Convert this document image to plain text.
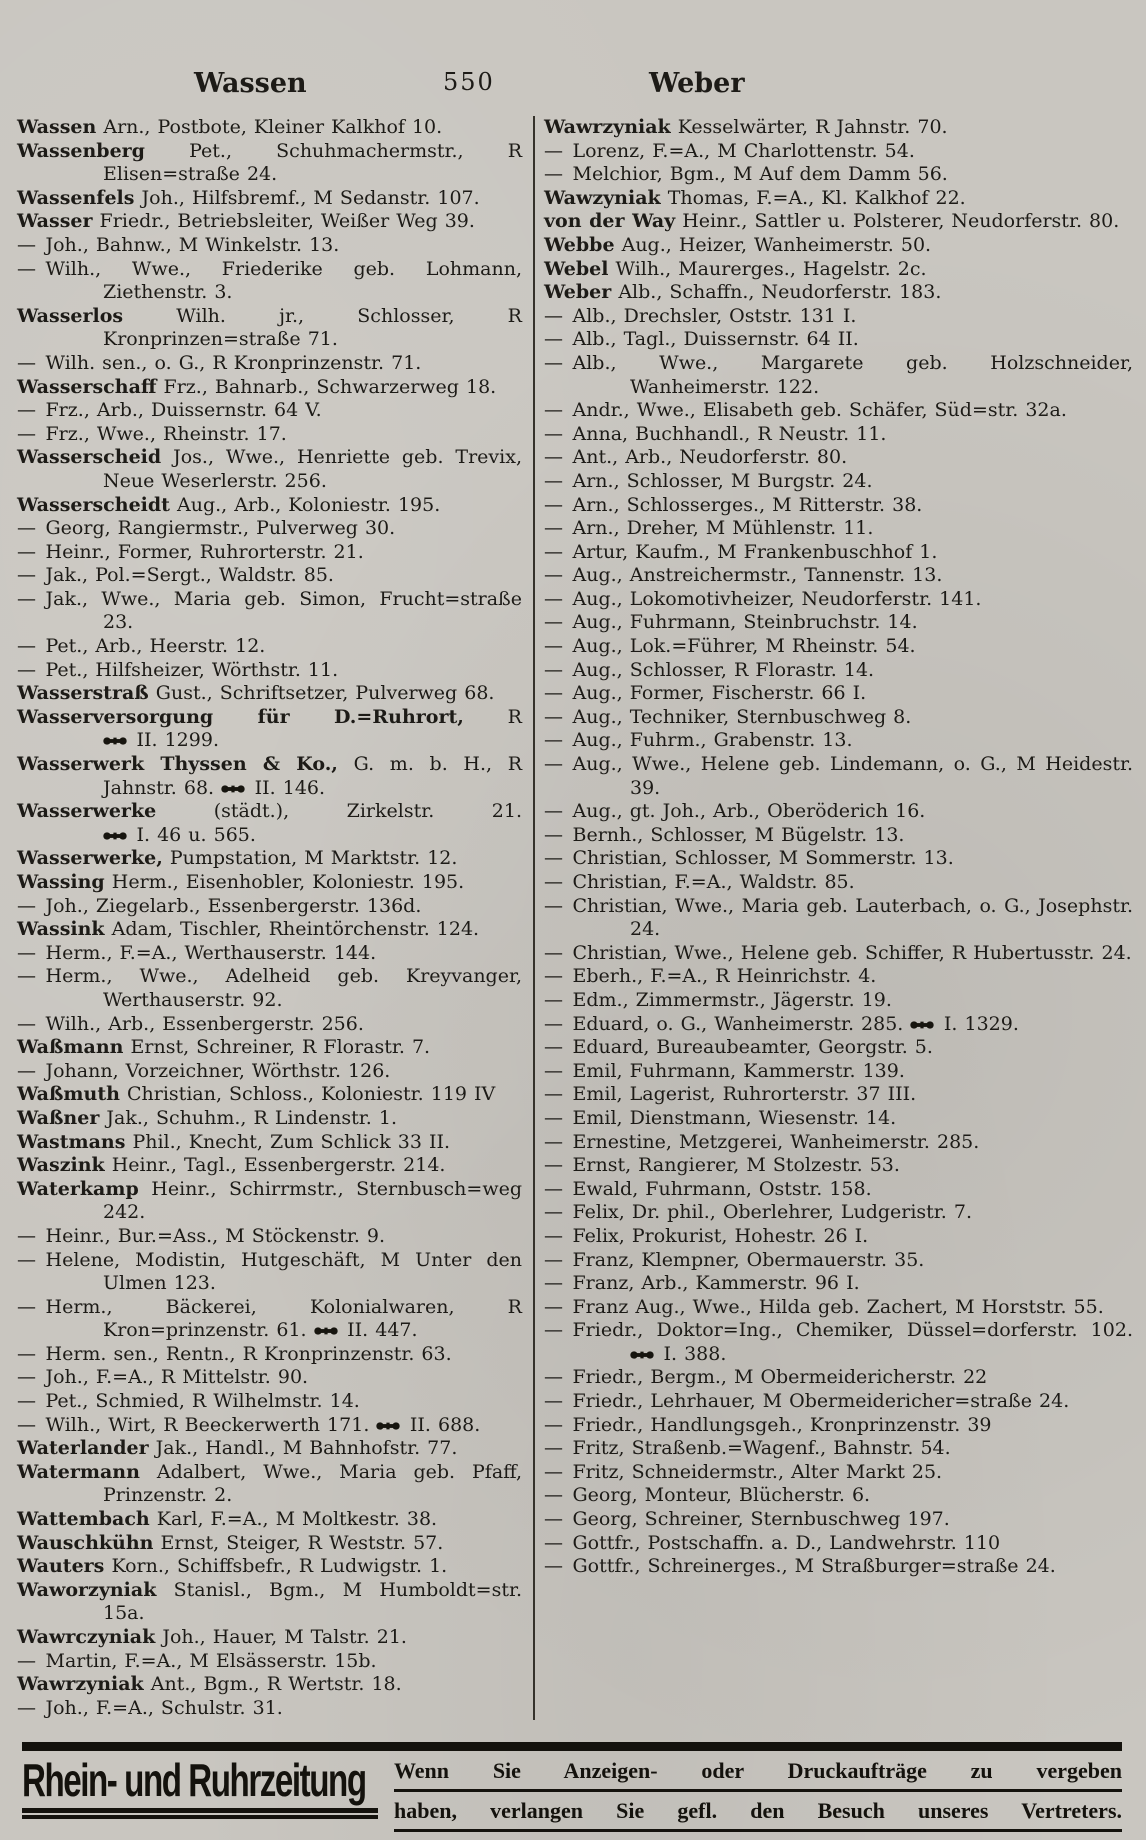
Wassen	550	Weber
Wassen Arn., Postbote, Kleiner Kalkhof 10.
Wassenberg Pet., Schuhmachermstr., R Elisen=straße 24.
Wassenfels Joh., Hilfsbremf., M Sedanstr. 107.
Wasser Friedr., Betriebsleiter, Weißer Weg 39.
—  Joh., Bahnw., M Winkelstr. 13.
—  Wilh., Wwe., Friederike geb. Lohmann, Ziethenstr. 3.
Wasserlos	Wilh. jr., Schlosser, R Kronprinzen=straße 71.
—  Wilh. sen., o. G., R Kronprinzenstr. 71.
Wasserschaff Frz., Bahnarb., Schwarzerweg 18.
—  Frz., Arb., Duissernstr. 64 V.
—  Frz., Wwe., Rheinstr. 17.
Wasserscheid Jos., Wwe., Henriette geb. Trevix, Neue Weserlerstr. 256.
Wasserscheidt Aug., Arb., Koloniestr. 195.
—  Georg, Rangiermstr., Pulverweg 30.
—  Heinr., Former, Ruhrorterstr. 21.
—  Jak., Pol.=Sergt., Waldstr. 85.
—  Jak., Wwe., Maria geb. Simon, Frucht=straße 23.
—  Pet., Arb., Heerstr. 12.
—  Pet., Hilfsheizer, Wörthstr. 11.
Wasserstraß Gust., Schriftsetzer, Pulverweg 68.
Wasserversorgung für D.=Ruhrort, R  II. 1299.
Wasserwerk Thyssen & Ko., G. m. b. H., R Jahnstr. 68.  II. 146.
Wasserwerke	(städt.), Zirkelstr. 21.  I. 46 u. 565.
Wasserwerke, Pumpstation, M Marktstr. 12.
Wassing Herm., Eisenhobler, Koloniestr. 195.
—  Joh., Ziegelarb., Essenbergerstr. 136d.
Wassink Adam, Tischler, Rheintörchenstr. 124.
—  Herm., F.=A., Werthauserstr. 144.
—  Herm., Wwe., Adelheid geb. Kreyvanger, Werthauserstr. 92.
—  Wilh., Arb., Essenbergerstr. 256.
Waßmann Ernst, Schreiner, R Florastr. 7.
—  Johann, Vorzeichner, Wörthstr. 126.
Waßmuth Christian, Schloss., Koloniestr. 119 IV
Waßner Jak., Schuhm., R Lindenstr. 1.
Wastmans Phil., Knecht, Zum Schlick 33 II.
Waszink Heinr., Tagl., Essenbergerstr. 214.
Waterkamp Heinr., Schirrmstr., Sternbusch=weg 242.
—  Heinr., Bur.=Ass., M Stöckenstr. 9.
—  Helene, Modistin, Hutgeschäft, M Unter den Ulmen 123.
—  Herm., Bäckerei, Kolonialwaren, R Kron=prinzenstr. 61.  II. 447.
—  Herm. sen., Rentn., R Kronprinzenstr. 63.
—  Joh., F.=A., R Mittelstr. 90.
—  Pet., Schmied, R Wilhelmstr. 14.
—  Wilh., Wirt, R Beeckerwerth 171.  II. 688.
Waterlander Jak., Handl., M Bahnhofstr. 77.
Watermann Adalbert, Wwe., Maria geb. Pfaff, Prinzenstr. 2.
Wattembach Karl, F.=A., M Moltkestr. 38.
Wauschkühn Ernst, Steiger, R Weststr. 57.
Wauters Korn., Schiffsbefr., R Ludwigstr. 1.
Waworzyniak Stanisl., Bgm., M Humboldt=str. 15a.
Wawrczyniak Joh., Hauer, M Talstr. 21.
—  Martin, F.=A., M Elsässerstr. 15b.
Wawrzyniak Ant., Bgm., R Wertstr. 18.
—  Joh., F.=A., Schulstr. 31.
Wawrzyniak Kesselwärter, R Jahnstr. 70.
—  Lorenz, F.=A., M Charlottenstr. 54.
—  Melchior, Bgm., M Auf dem Damm 56.
Wawzyniak Thomas, F.=A., Kl. Kalkhof 22.
von der Way Heinr., Sattler u. Polsterer, Neudorferstr. 80.
Webbe Aug., Heizer, Wanheimerstr. 50.
Webel Wilh., Maurerges., Hagelstr. 2c.
Weber Alb., Schaffn., Neudorferstr. 183.
—  Alb., Drechsler, Oststr. 131 I.
—  Alb., Tagl., Duissernstr. 64 II.
—  Alb., Wwe., Margarete geb. Holzschneider, Wanheimerstr. 122.
—  Andr., Wwe., Elisabeth geb. Schäfer, Süd=str. 32a.
—  Anna, Buchhandl., R Neustr. 11.
—  Ant., Arb., Neudorferstr. 80.
—  Arn., Schlosser, M Burgstr. 24.
—  Arn., Schlosserges., M Ritterstr. 38.
—  Arn., Dreher, M Mühlenstr. 11.
—  Artur, Kaufm., M Frankenbuschhof 1.
—  Aug., Anstreichermstr., Tannenstr. 13.
—  Aug., Lokomotivheizer, Neudorferstr. 141.
—  Aug., Fuhrmann, Steinbruchstr. 14.
—  Aug., Lok.=Führer, M Rheinstr. 54.
—  Aug., Schlosser, R Florastr. 14.
—  Aug., Former, Fischerstr. 66 I.
—  Aug., Techniker, Sternbuschweg 8.
—  Aug., Fuhrm., Grabenstr. 13.
—  Aug., Wwe., Helene geb. Lindemann, o. G., M Heidestr. 39.
—  Aug., gt. Joh., Arb., Oberöderich 16.
—  Bernh., Schlosser, M Bügelstr. 13.
—  Christian, Schlosser, M Sommerstr. 13.
—  Christian, F.=A., Waldstr. 85.
—  Christian, Wwe., Maria geb. Lauterbach, o. G., Josephstr. 24.
—  Christian, Wwe., Helene geb. Schiffer, R Hubertusstr. 24.
—  Eberh., F.=A., R Heinrichstr. 4.
—  Edm., Zimmermstr., Jägerstr. 19.
—  Eduard, o. G., Wanheimerstr. 285.  I. 1329.
—  Eduard, Bureaubeamter, Georgstr. 5.
—  Emil, Fuhrmann, Kammerstr. 139.
—  Emil, Lagerist, Ruhrorterstr. 37 III.
—  Emil, Dienstmann, Wiesenstr. 14.
—  Ernestine, Metzgerei, Wanheimerstr. 285.
—  Ernst, Rangierer, M Stolzestr. 53.
—  Ewald, Fuhrmann, Oststr. 158.
—  Felix, Dr. phil., Oberlehrer, Ludgeristr. 7.
—  Felix, Prokurist, Hohestr. 26 I.
—  Franz, Klempner, Obermauerstr. 35.
—  Franz, Arb., Kammerstr. 96 I.
—  Franz Aug., Wwe., Hilda geb. Zachert, M Horststr. 55.
—  Friedr., Doktor=Ing., Chemiker, Düssel=dorferstr. 102.  I. 388.
—  Friedr., Bergm., M Obermeidericherstr. 22
—  Friedr., Lehrhauer, M Obermeidericher=straße 24.
—  Friedr., Handlungsgeh., Kronprinzenstr. 39
—  Fritz, Straßenb.=Wagenf., Bahnstr. 54.
—  Fritz, Schneidermstr., Alter Markt 25.
—  Georg, Monteur, Blücherstr. 6.
—  Georg, Schreiner, Sternbuschweg 197.
—  Gottfr., Postschaffn. a. D., Landwehrstr. 110
—  Gottfr., Schreinerges., M Straßburger=straße 24.
Rhein- und Ruhrzeitung	Wenn Sie Anzeigen- oder Druckaufträge zu vergeben
haben, verlangen Sie gefl. den Besuch unseres Vertreters.
